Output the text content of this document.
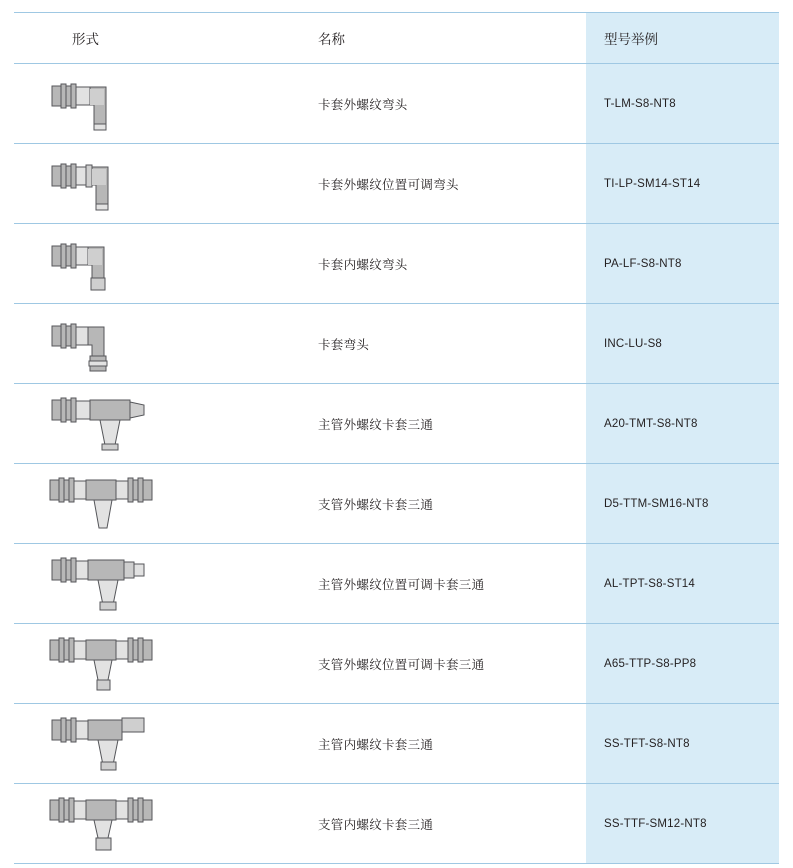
形式	名称	型号举例

	卡套外螺纹弯头	T-LM-S8-NT8

	卡套外螺纹位置可调弯头	TI-LP-SM14-ST14

	卡套内螺纹弯头	PA-LF-S8-NT8

	卡套弯头	INC-LU-S8

	主管外螺纹卡套三通	A20-TMT-S8-NT8

	支管外螺纹卡套三通	D5-TTM-SM16-NT8

	主管外螺纹位置可调卡套三通	AL-TPT-S8-ST14

	支管外螺纹位置可调卡套三通	A65-TTP-S8-PP8

	主管内螺纹卡套三通	SS-TFT-S8-NT8

	支管内螺纹卡套三通	SS-TTF-SM12-NT8
